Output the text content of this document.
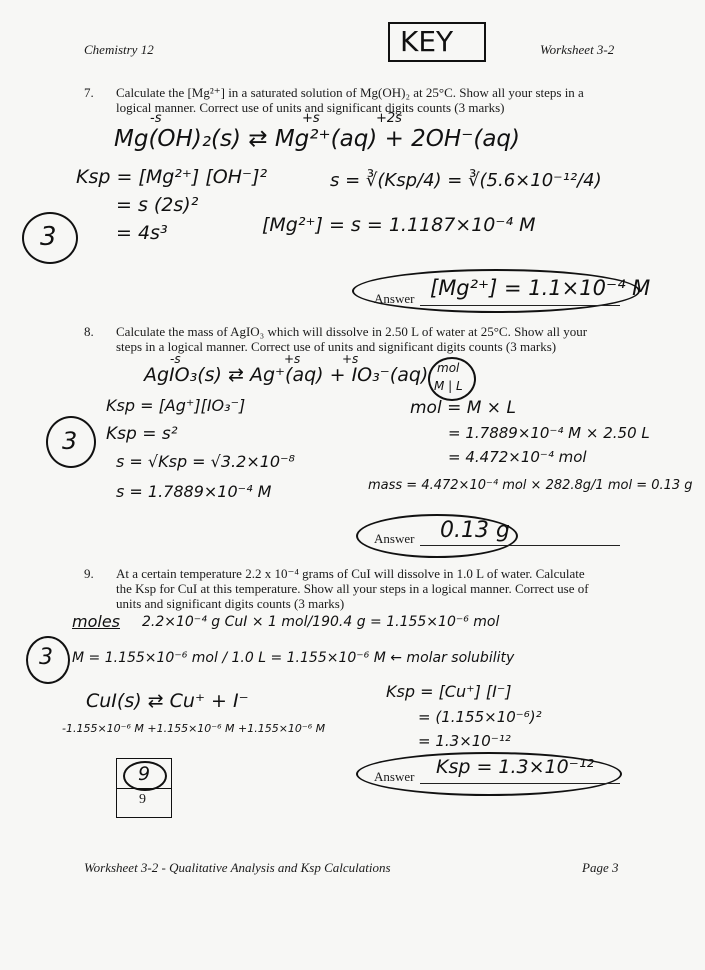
Chemistry 12	KEY	Worksheet 3-2
7. Calculate the [Mg²⁺] in a saturated solution of Mg(OH)₂ at 25°C. Show all your steps in a
logical manner. Correct use of units and significant digits counts (3 marks)
-s	+s	+2s
Mg(OH)₂(s) ⇄ Mg²⁺(aq) + 2OH⁻(aq)
Ksp = [Mg²⁺] [OH⁻]²
= s (2s)²
= 4s³
s = ∛(Ksp/4) = ∛(5.6×10⁻¹²/4)
[Mg²⁺] = s = 1.1187×10⁻⁴ M
3
Answer [Mg²⁺] = 1.1×10⁻⁴ M
8. Calculate the mass of AgIO₃ which will dissolve in 2.50 L of water at 25°C. Show all your
steps in a logical manner. Correct use of units and significant digits counts (3 marks)
-s	+s	+s
AgIO₃(s) ⇄ Ag⁺(aq) + IO₃⁻(aq) mol
M | L
Ksp = [Ag⁺][IO₃⁻]
Ksp = s²
s = √Ksp = √3.2×10⁻⁸
s = 1.7889×10⁻⁴ M
3
mol = M × L
= 1.7889×10⁻⁴ M × 2.50 L
= 4.472×10⁻⁴ mol
mass = 4.472×10⁻⁴ mol × 282.8g/1 mol = 0.13 g
Answer 0.13 g
9. At a certain temperature 2.2 x 10⁻⁴ grams of CuI will dissolve in 1.0 L of water. Calculate
the Ksp for CuI at this temperature. Show all your steps in a logical manner. Correct use of
units and significant digits counts (3 marks)
moles 2.2×10⁻⁴ g CuI × 1 mol/190.4 g = 1.155×10⁻⁶ mol
M = 1.155×10⁻⁶ mol / 1.0 L = 1.155×10⁻⁶ M ← molar solubility
3
CuI(s) ⇄ Cu⁺ + I⁻
-1.155×10⁻⁶ M +1.155×10⁻⁶ M +1.155×10⁻⁶ M
Ksp = [Cu⁺] [I⁻]
= (1.155×10⁻⁶)²
= 1.3×10⁻¹²
Answer Ksp = 1.3×10⁻¹²
9
9
Worksheet 3-2 - Qualitative Analysis and Ksp Calculations	Page 3
